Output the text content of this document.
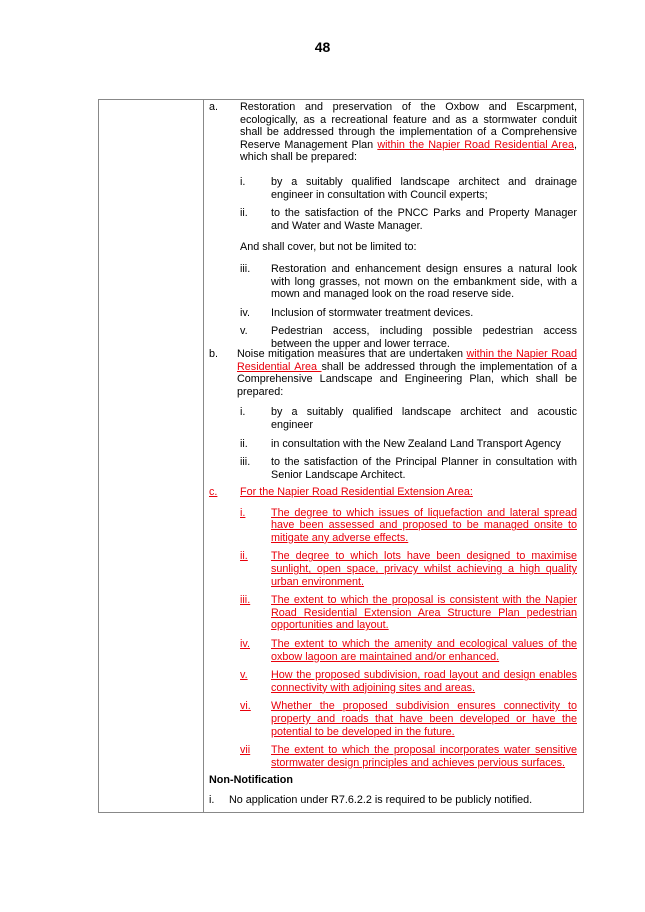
48
a.	Restoration and preservation of the Oxbow and Escarpment, ecologically, as a recreational feature and as a stormwater conduit shall be addressed through the implementation of a Comprehensive Reserve Management Plan within the Napier Road Residential Area, which shall be prepared:
i.	by a suitably qualified landscape architect and drainage engineer in consultation with Council experts;
ii.	to the satisfaction of the PNCC Parks and Property Manager and Water and Waste Manager.
And shall cover, but not be limited to:
iii.	Restoration and enhancement design ensures a natural look with long grasses, not mown on the embankment side, with a mown and managed look on the road reserve side.
iv.	Inclusion of stormwater treatment devices.
v.	Pedestrian access, including possible pedestrian access between the upper and lower terrace.
b.	Noise mitigation measures that are undertaken within the Napier Road Residential Area shall be addressed through the implementation of a Comprehensive Landscape and Engineering Plan, which shall be prepared:
i.	by a suitably qualified landscape architect and acoustic engineer
ii.	in consultation with the New Zealand Land Transport Agency
iii.	to the satisfaction of the Principal Planner in consultation with Senior Landscape Architect.
c.	For the Napier Road Residential Extension Area:
i.	The degree to which issues of liquefaction and lateral spread have been assessed and proposed to be managed onsite to mitigate any adverse effects.
ii.	The degree to which lots have been designed to maximise sunlight, open space, privacy whilst achieving a high quality urban environment.
iii.	The extent to which the proposal is consistent with the Napier Road Residential Extension Area Structure Plan pedestrian opportunities and layout.
iv.	The extent to which the amenity and ecological values of the oxbow lagoon are maintained and/or enhanced.
v.	How the proposed subdivision, road layout and design enables connectivity with adjoining sites and areas.
vi.	Whether the proposed subdivision ensures connectivity to property and roads that have been developed or have the potential to be developed in the future.
vii	The extent to which the proposal incorporates water sensitive stormwater design principles and achieves pervious surfaces.
Non-Notification
i.	No application under R7.6.2.2 is required to be publicly notified.
